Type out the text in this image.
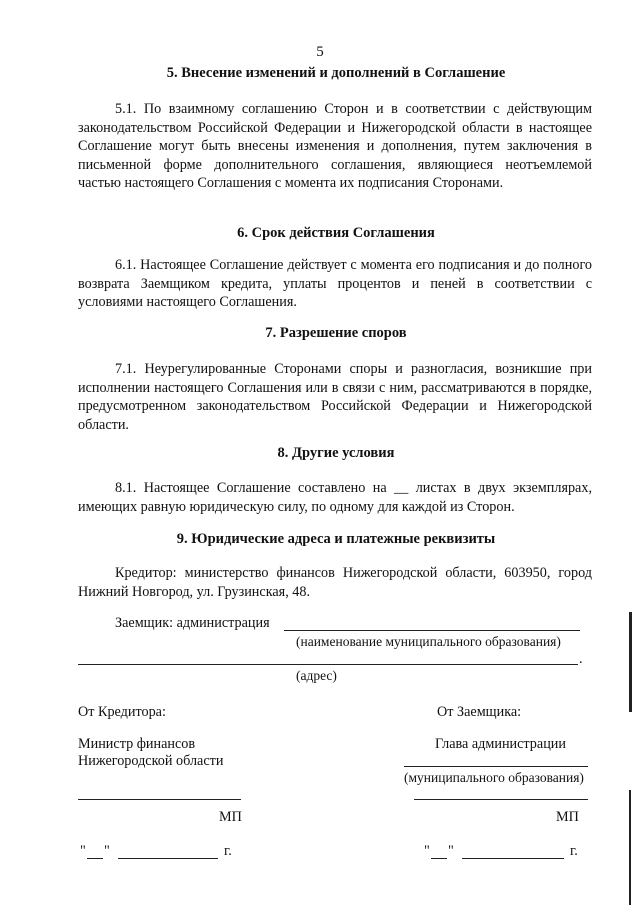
5
5. Внесение изменений и дополнений в Соглашение
5.1. По взаимному соглашению Сторон и в соответствии с действующим законодательством Российской Федерации и Нижегородской области в настоящее Соглашение могут быть внесены изменения и дополнения, путем заключения в письменной форме дополнительного соглашения, являющиеся неотъемлемой частью настоящего Соглашения с момента их подписания Сторонами.
6. Срок действия Соглашения
6.1. Настоящее Соглашение действует с момента его подписания и до полного возврата Заемщиком кредита, уплаты процентов и пеней в соответствии с условиями настоящего Соглашения.
7. Разрешение споров
7.1. Неурегулированные Сторонами споры и разногласия, возникшие при исполнении настоящего Соглашения или в связи с ним, рассматриваются в порядке, предусмотренном законодательством Российской Федерации и Нижегородской области.
8. Другие условия
8.1. Настоящее Соглашение составлено на __ листах в двух экземплярах, имеющих равную юридическую силу, по одному для каждой из Сторон.
9. Юридические адреса и платежные реквизиты
Кредитор: министерство финансов Нижегородской области, 603950, город Нижний Новгород, ул. Грузинская, 48.
Заемщик: администрация
(наименование муниципального образования)
.
(адрес)
От Кредитора:
Министр финансов
Нижегородской области
МП
" "	г.
От Заемщика:
Глава администрации
(муниципального образования)
МП
" "	г.
